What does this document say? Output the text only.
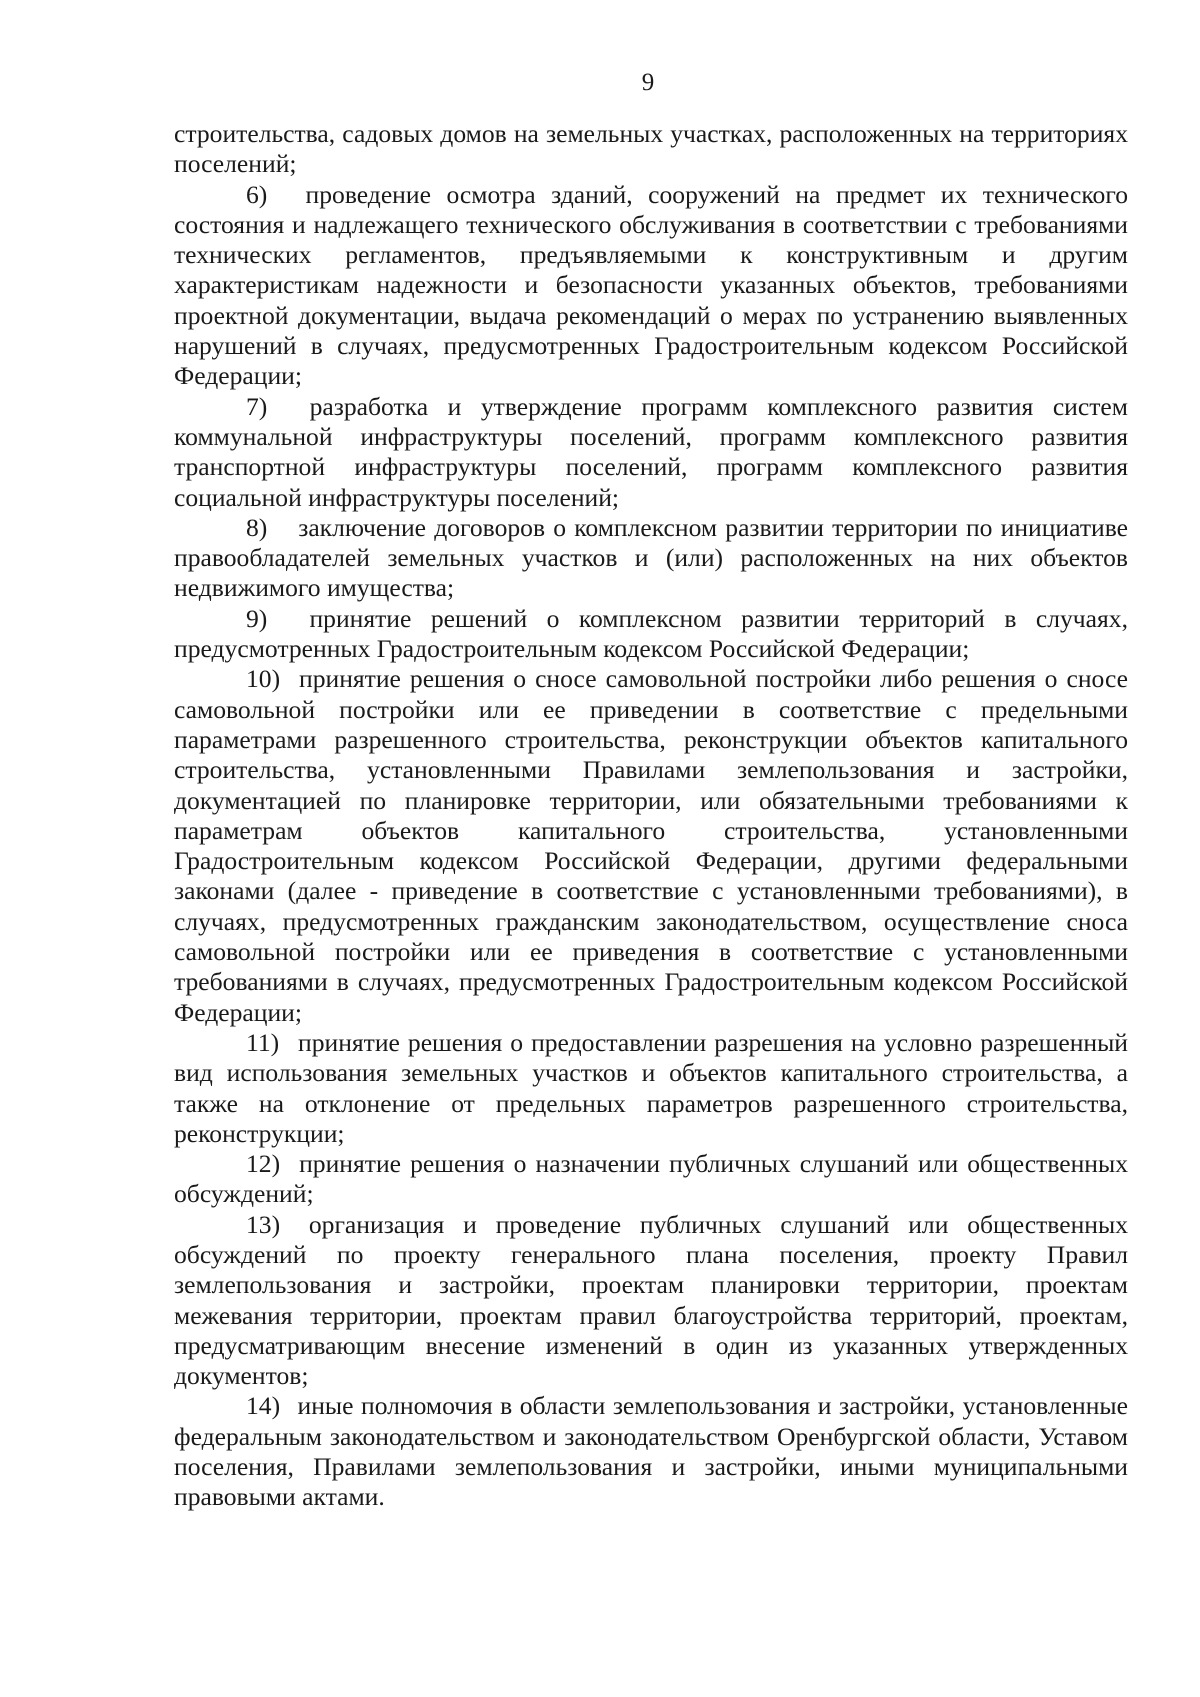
9

строительства, садовых домов на земельных участках, расположенных на территориях поселений;

6) проведение осмотра зданий, сооружений на предмет их технического состояния и надлежащего технического обслуживания в соответствии с требованиями технических регламентов, предъявляемыми к конструктивным и другим характеристикам надежности и безопасности указанных объектов, требованиями проектной документации, выдача рекомендаций о мерах по устранению выявленных нарушений в случаях, предусмотренных Градостроительным кодексом Российской Федерации;

7) разработка и утверждение программ комплексного развития систем коммунальной инфраструктуры поселений, программ комплексного развития транспортной инфраструктуры поселений, программ комплексного развития социальной инфраструктуры поселений;

8) заключение договоров о комплексном развитии территории по инициативе правообладателей земельных участков и (или) расположенных на них объектов недвижимого имущества;

9) принятие решений о комплексном развитии территорий в случаях, предусмотренных Градостроительным кодексом Российской Федерации;

10) принятие решения о сносе самовольной постройки либо решения о сносе самовольной постройки или ее приведении в соответствие с предельными параметрами разрешенного строительства, реконструкции объектов капитального строительства, установленными Правилами землепользования и застройки, документацией по планировке территории, или обязательными требованиями к параметрам объектов капитального строительства, установленными Градостроительным кодексом Российской Федерации, другими федеральными законами (далее - приведение в соответствие с установленными требованиями), в случаях, предусмотренных гражданским законодательством, осуществление сноса самовольной постройки или ее приведения в соответствие с установленными требованиями в случаях, предусмотренных Градостроительным кодексом Российской Федерации;

11) принятие решения о предоставлении разрешения на условно разрешенный вид использования земельных участков и объектов капитального строительства, а также на отклонение от предельных параметров разрешенного строительства, реконструкции;

12) принятие решения о назначении публичных слушаний или общественных обсуждений;

13) организация и проведение публичных слушаний или общественных обсуждений по проекту генерального плана поселения, проекту Правил землепользования и застройки, проектам планировки территории, проектам межевания территории, проектам правил благоустройства территорий, проектам, предусматривающим внесение изменений в один из указанных утвержденных документов;

14) иные полномочия в области землепользования и застройки, установленные федеральным законодательством и законодательством Оренбургской области, Уставом поселения, Правилами землепользования и застройки, иными муниципальными правовыми актами.
